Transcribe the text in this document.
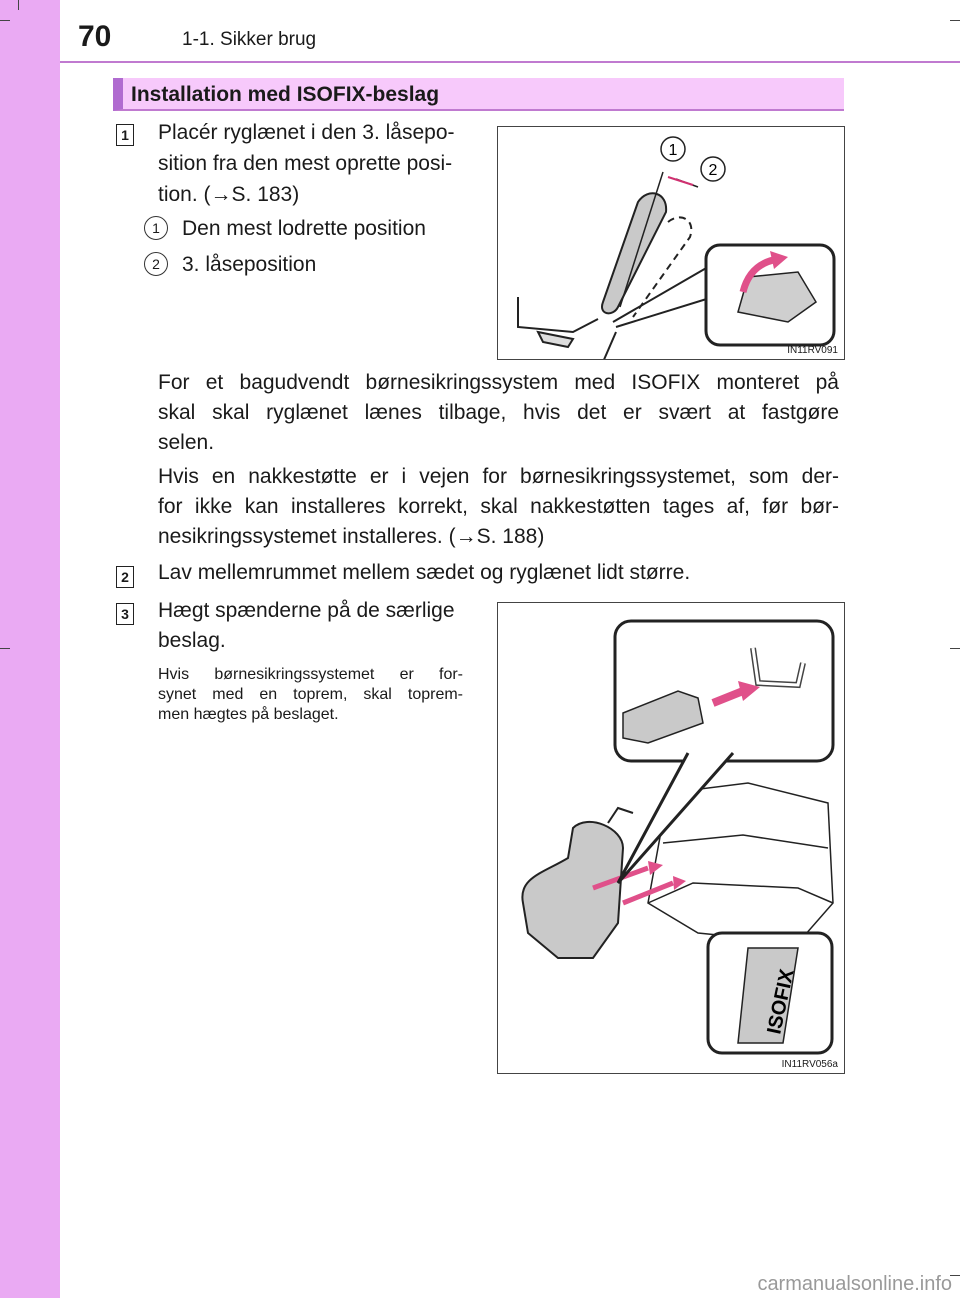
70	1-1. Sikker brug
Installation med ISOFIX-beslag
1 Placér ryglænet i den 3. låsepo-
sition fra den mest oprette posi-
tion. (→S. 183)
1	Den mest lodrette position
2	3. låseposition
For et bagudvendt børnesikringssystem med ISOFIX monteret på
skal skal ryglænet lænes tilbage, hvis det er svært at fastgøre
selen.
Hvis en nakkestøtte er i vejen for børnesikringssystemet, som der-
for ikke kan installeres korrekt, skal nakkestøtten tages af, før bør-
nesikringssystemet installeres. (→S. 188)
1
2
IN11RV091
2 Lav mellemrummet mellem sædet og ryglænet lidt større.
3 Hægt spænderne på de særlige
beslag.
Hvis børnesikringssystemet er for-
synet med en toprem, skal toprem-
men hægtes på beslaget.
ISOFIX
IN11RV056a
carmanualsonline.info
